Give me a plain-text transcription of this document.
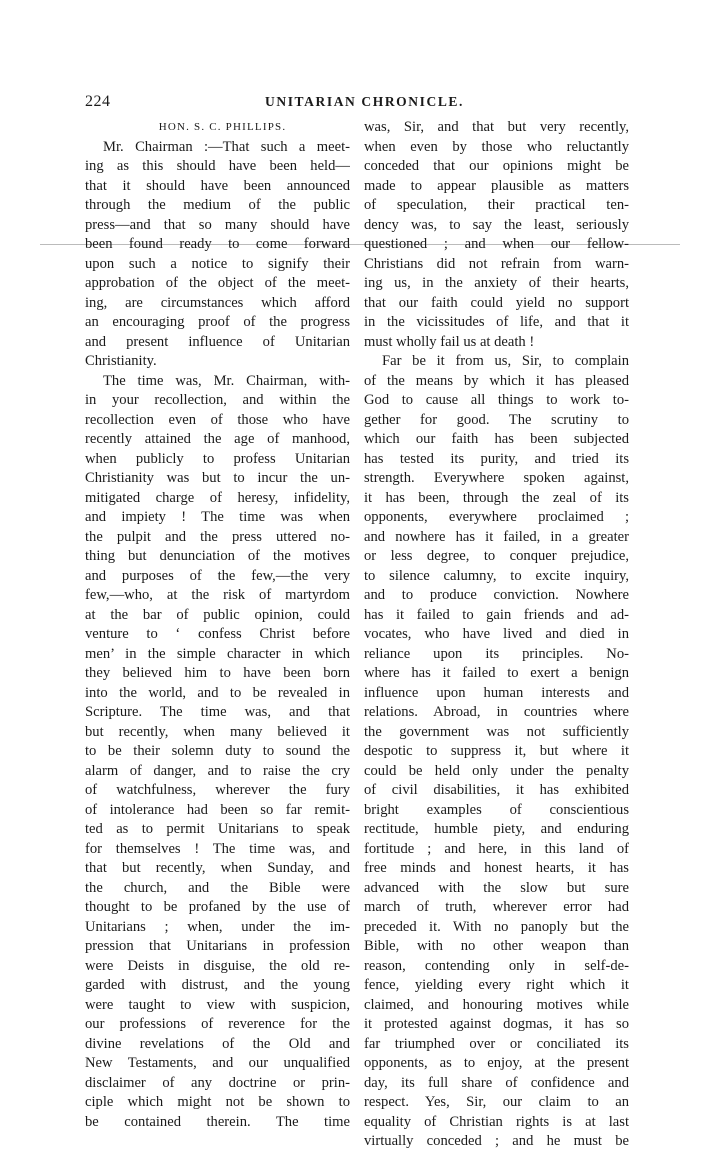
224	UNITARIAN CHRONICLE.
HON. S. C. PHILLIPS.
Mr. Chairman :—That such a meet-
ing as this should have been held—
that it should have been announced
through the medium of the public
press—and that so many should have
been found ready to come forward
upon such a notice to signify their
approbation of the object of the meet-
ing, are circumstances which afford
an encouraging proof of the progress
and present influence of Unitarian
Christianity.
The time was, Mr. Chairman, with-
in your recollection, and within the
recollection even of those who have
recently attained the age of manhood,
when publicly to profess Unitarian
Christianity was but to incur the un-
mitigated charge of heresy, infidelity,
and impiety ! The time was when
the pulpit and the press uttered no-
thing but denunciation of the motives
and purposes of the few,—the very
few,—who, at the risk of martyrdom
at the bar of public opinion, could
venture to ‘ confess Christ before
men’ in the simple character in which
they believed him to have been born
into the world, and to be revealed in
Scripture. The time was, and that
but recently, when many believed it
to be their solemn duty to sound the
alarm of danger, and to raise the cry
of watchfulness, wherever the fury
of intolerance had been so far remit-
ted as to permit Unitarians to speak
for themselves ! The time was, and
that but recently, when Sunday, and
the church, and the Bible were
thought to be profaned by the use of
Unitarians ; when, under the im-
pression that Unitarians in profession
were Deists in disguise, the old re-
garded with distrust, and the young
were taught to view with suspicion,
our professions of reverence for the
divine revelations of the Old and
New Testaments, and our unqualified
disclaimer of any doctrine or prin-
ciple which might not be shown to
be contained therein. The time
was, Sir, and that but very recently,
when even by those who reluctantly
conceded that our opinions might be
made to appear plausible as matters
of speculation, their practical ten-
dency was, to say the least, seriously
questioned ; and when our fellow-
Christians did not refrain from warn-
ing us, in the anxiety of their hearts,
that our faith could yield no support
in the vicissitudes of life, and that it
must wholly fail us at death !
Far be it from us, Sir, to complain
of the means by which it has pleased
God to cause all things to work to-
gether for good. The scrutiny to
which our faith has been subjected
has tested its purity, and tried its
strength. Everywhere spoken against,
it has been, through the zeal of its
opponents, everywhere proclaimed ;
and nowhere has it failed, in a greater
or less degree, to conquer prejudice,
to silence calumny, to excite inquiry,
and to produce conviction. Nowhere
has it failed to gain friends and ad-
vocates, who have lived and died in
reliance upon its principles. No-
where has it failed to exert a benign
influence upon human interests and
relations. Abroad, in countries where
the government was not sufficiently
despotic to suppress it, but where it
could be held only under the penalty
of civil disabilities, it has exhibited
bright examples of conscientious
rectitude, humble piety, and enduring
fortitude ; and here, in this land of
free minds and honest hearts, it has
advanced with the slow but sure
march of truth, wherever error had
preceded it. With no panoply but the
Bible, with no other weapon than
reason, contending only in self-de-
fence, yielding every right which it
claimed, and honouring motives while
it protested against dogmas, it has so
far triumphed over or conciliated its
opponents, as to enjoy, at the present
day, its full share of confidence and
respect. Yes, Sir, our claim to an
equality of Christian rights is at last
virtually conceded ; and he must be
